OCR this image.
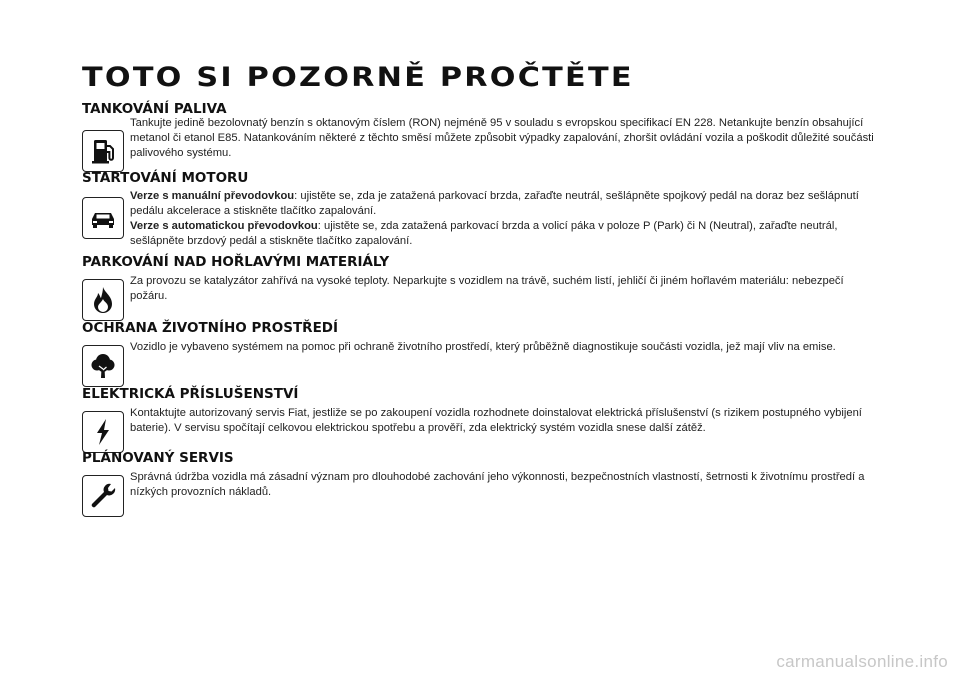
TOTO SI POZORNĚ PROČTĚTE
TANKOVÁNÍ PALIVA

Tankujte jedině bezolovnatý benzín s oktanovým číslem (RON) nejméně 95 v souladu s evropskou specifikací EN 228. Netankujte benzín obsahující metanol či etanol E85. Natankováním některé z těchto směsí můžete způsobit výpadky zapalování, zhoršit ovládání vozila a poškodit důležité součásti palivového systému.

STARTOVÁNÍ MOTORU

Verze s manuální převodovkou: ujistěte se, zda je zatažená parkovací brzda, zařaďte neutrál, sešlápněte spojkový pedál na doraz bez sešlápnutí pedálu akcelerace a stiskněte tlačítko zapalování.

Verze s automatickou převodovkou: ujistěte se, zda zatažená parkovací brzda a volicí páka v poloze P (Park) či N (Neutral), zařaďte neutrál, sešlápněte brzdový pedál a stiskněte tlačítko zapalování.

PARKOVÁNÍ NAD HOŘLAVÝMI MATERIÁLY

Za provozu se katalyzátor zahřívá na vysoké teploty. Neparkujte s vozidlem na trávě, suchém listí, jehličí či jiném hořlavém materiálu: nebezpečí požáru.

OCHRANA ŽIVOTNÍHO PROSTŘEDÍ

Vozidlo je vybaveno systémem na pomoc při ochraně životního prostředí, který průběžně diagnostikuje součásti vozidla, jež mají vliv na emise.

ELEKTRICKÁ PŘÍSLUŠENSTVÍ

Kontaktujte autorizovaný servis Fiat, jestliže se po zakoupení vozidla rozhodnete doinstalovat elektrická příslušenství (s rizikem postupného vybijení baterie). V servisu spočítají celkovou elektrickou spotřebu a prověří, zda elektrický systém vozidla snese další zátěž.

PLÁNOVANÝ SERVIS

Správná údržba vozidla má zásadní význam pro dlouhodobé zachování jeho výkonnosti, bezpečnostních vlastností, šetrnosti k životnímu prostředí a nízkých provozních nákladů.

carmanualsonline.info
